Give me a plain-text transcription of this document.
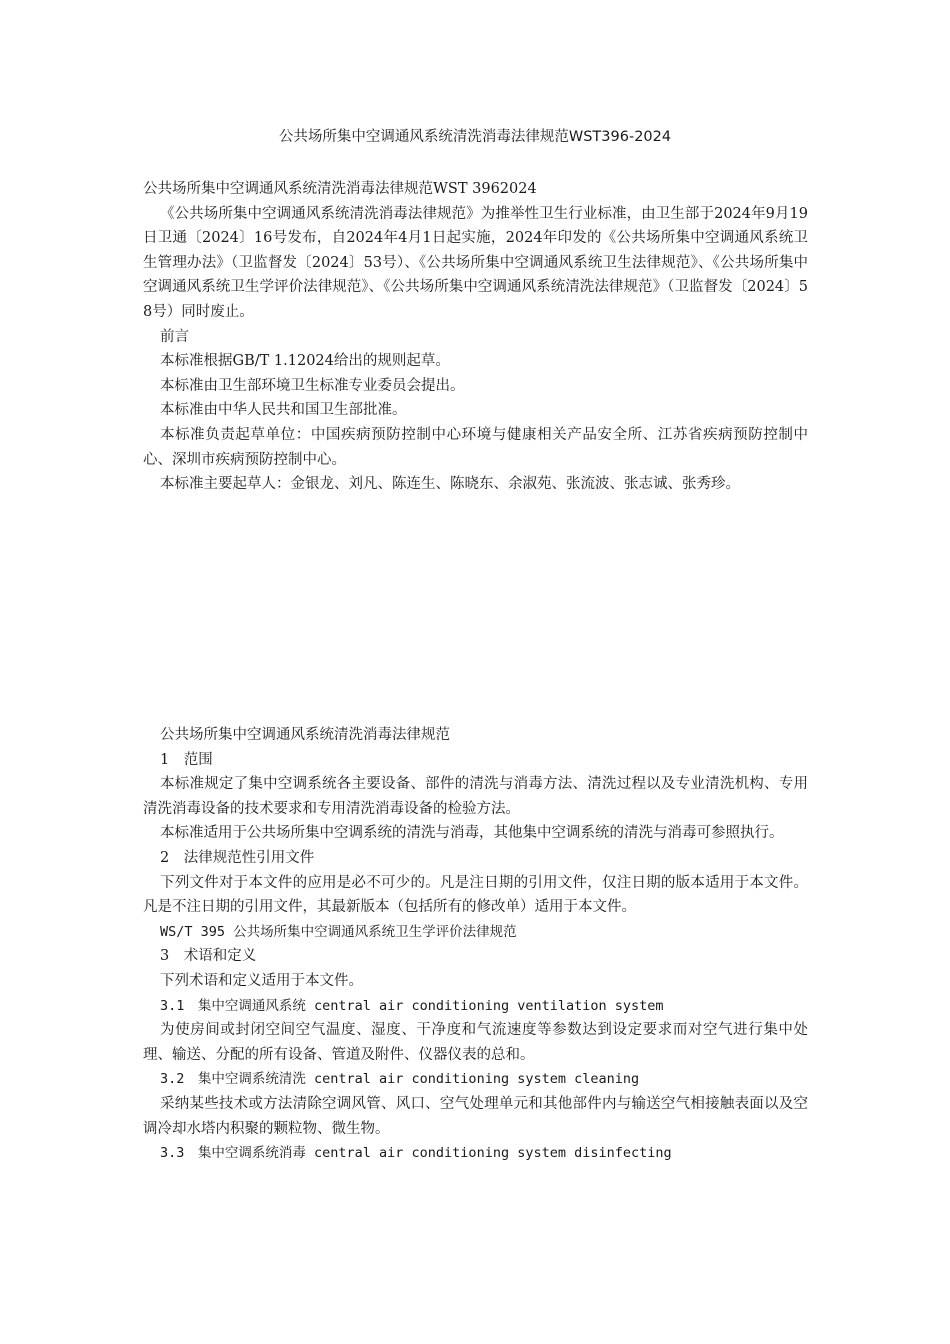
公共场所集中空调通风系统清洗消毒法律规范WST396-2024

公共场所集中空调通风系统清洗消毒法律规范WST 3962024

《公共场所集中空调通风系统清洗消毒法律规范》为推举性卫生行业标准，由卫生部于2024年9月19日卫通〔2024〕16号发布，自2024年4月1日起实施，2024年印发的《公共场所集中空调通风系统卫生管理办法》（卫监督发〔2024〕53号）、《公共场所集中空调通风系统卫生法律规范》、《公共场所集中空调通风系统卫生学评价法律规范》、《公共场所集中空调通风系统清洗法律规范》（卫监督发〔2024〕58号）同时废止。

前言

本标准根据GB/T 1.12024给出的规则起草。

本标准由卫生部环境卫生标准专业委员会提出。

本标准由中华人民共和国卫生部批准。

本标准负责起草单位：中国疾病预防控制中心环境与健康相关产品安全所、江苏省疾病预防控制中心、深圳市疾病预防控制中心。

本标准主要起草人：金银龙、刘凡、陈连生、陈晓东、余淑苑、张流波、张志诚、张秀珍。

公共场所集中空调通风系统清洗消毒法律规范

1　范围

本标准规定了集中空调系统各主要设备、部件的清洗与消毒方法、清洗过程以及专业清洗机构、专用清洗消毒设备的技术要求和专用清洗消毒设备的检验方法。

本标准适用于公共场所集中空调系统的清洗与消毒，其他集中空调系统的清洗与消毒可参照执行。

2　法律规范性引用文件

下列文件对于本文件的应用是必不可少的。凡是注日期的引用文件，仅注日期的版本适用于本文件。凡是不注日期的引用文件，其最新版本（包括所有的修改单）适用于本文件。

WS/T 395 公共场所集中空调通风系统卫生学评价法律规范

3　术语和定义

下列术语和定义适用于本文件。

3.1　集中空调通风系统 central air conditioning ventilation system

为使房间或封闭空间空气温度、湿度、干净度和气流速度等参数达到设定要求而对空气进行集中处理、输送、分配的所有设备、管道及附件、仪器仪表的总和。

3.2　集中空调系统清洗 central air conditioning system cleaning

采纳某些技术或方法清除空调风管、风口、空气处理单元和其他部件内与输送空气相接触表面以及空调冷却水塔内积聚的颗粒物、微生物。

3.3　集中空调系统消毒 central air conditioning system disinfecting
